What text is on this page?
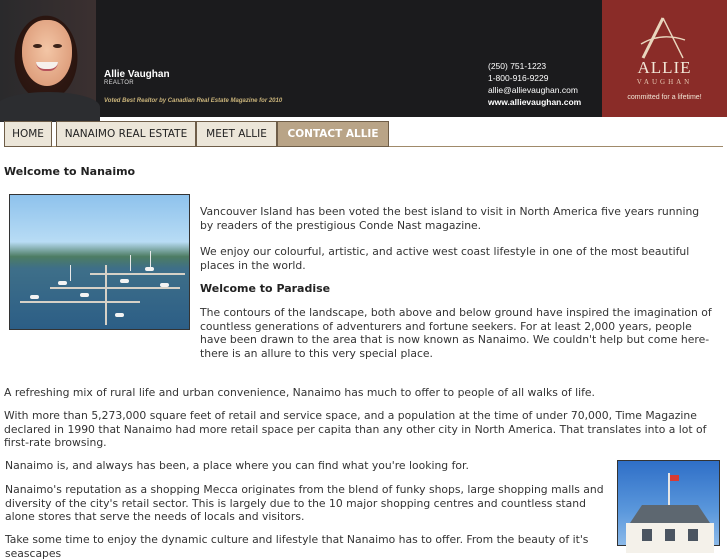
Allie Vaughan
REALTOR
Voted Best Realtor by Canadian Real Estate Magazine for 2010
(250) 751-1223
1-800-916-9229
allie@allievaughan.com
www.allievaughan.com
ALLIE
VAUGHAN
committed for a lifetime!
HOME	NANAIMO REAL ESTATE	MEET ALLIE	CONTACT ALLIE
Welcome to Nanaimo
Vancouver Island has been voted the best island to visit in North America five years running by readers of the prestigious Conde Nast magazine.
We enjoy our colourful, artistic, and active west coast lifestyle in one of the most beautiful places in the world.
Welcome to Paradise
The contours of the landscape, both above and below ground have inspired the imagination of countless generations of adventurers and fortune seekers. For at least 2,000 years, people have been drawn to the area that is now known as Nanaimo. We couldn't help but come here- there is an allure to this very special place.
A refreshing mix of rural life and urban convenience, Nanaimo has much to offer to people of all walks of life.
With more than 5,273,000 square feet of retail and service space, and a population at the time of under 70,000, Time Magazine declared in 1990 that Nanaimo had more retail space per capita than any other city in North America. That translates into a lot of first-rate browsing.
Nanaimo is, and always has been, a place where you can find what you're looking for.
Nanaimo's reputation as a shopping Mecca originates from the blend of funky shops, large shopping malls and diversity of the city's retail sector. This is largely due to the 10 major shopping centres and countless stand alone stores that serve the needs of locals and visitors.
Take some time to enjoy the dynamic culture and lifestyle that Nanaimo has to offer. From the beauty of it's seascapes
